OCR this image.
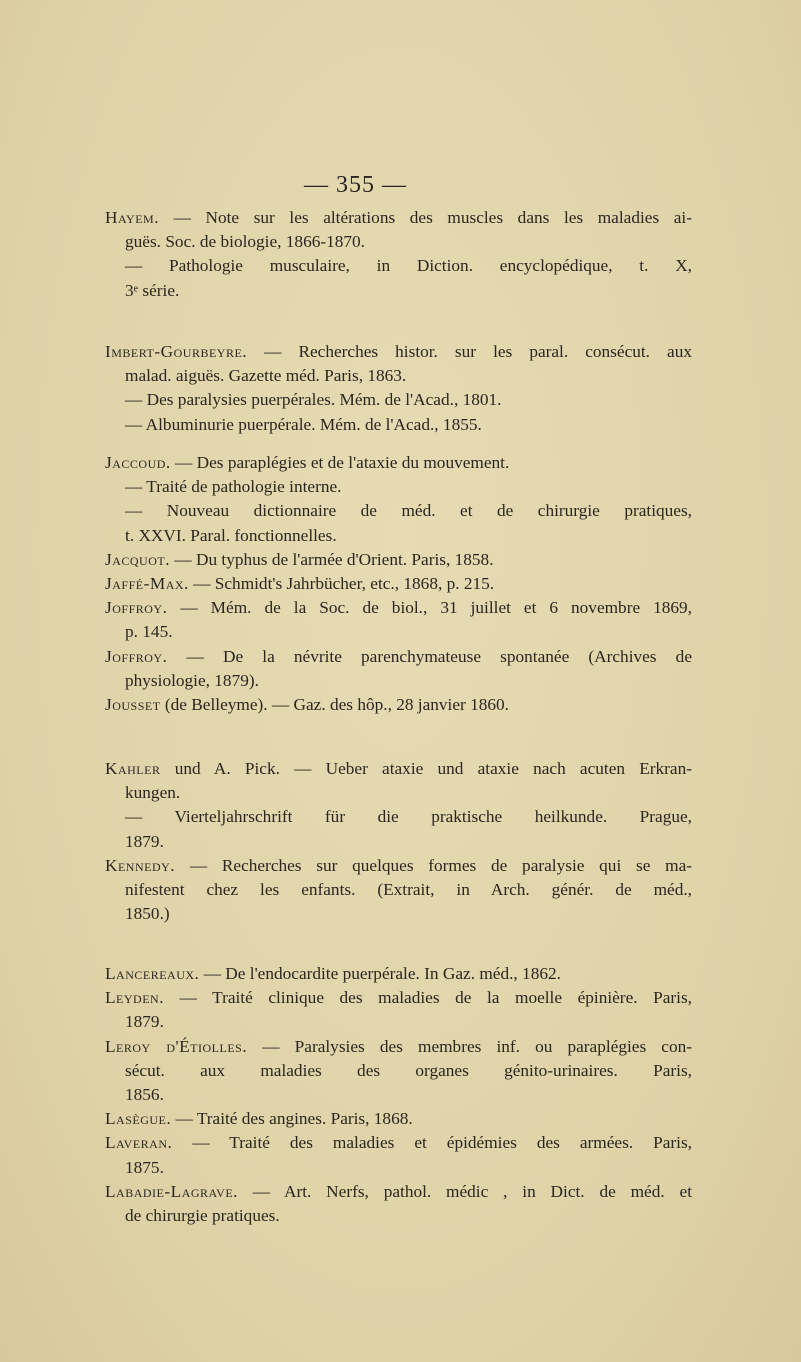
— 355 —
Hayem. — Note sur les altérations des muscles dans les maladies ai-
guës. Soc. de biologie, 1866-1870.
— Pathologie musculaire, in Diction. encyclopédique, t. X,
3ᵉ série.
Imbert-Gourbeyre. — Recherches histor. sur les paral. consécut. aux
malad. aiguës. Gazette méd. Paris, 1863.
— Des paralysies puerpérales. Mém. de l'Acad., 1801.
— Albuminurie puerpérale. Mém. de l'Acad., 1855.
Jaccoud. — Des paraplégies et de l'ataxie du mouvement.
— Traité de pathologie interne.
— Nouveau dictionnaire de méd. et de chirurgie pratiques,
t. XXVI. Paral. fonctionnelles.
Jacquot. — Du typhus de l'armée d'Orient. Paris, 1858.
Jaffé-Max. — Schmidt's Jahrbücher, etc., 1868, p. 215.
Joffroy. — Mém. de la Soc. de biol., 31 juillet et 6 novembre 1869,
p. 145.
Joffroy. — De la névrite parenchymateuse spontanée (Archives de
physiologie, 1879).
Jousset (de Belleyme). — Gaz. des hôp., 28 janvier 1860.
Kahler und A. Pick. — Ueber ataxie und ataxie nach acuten Erkran-
kungen.
— Vierteljahrschrift für die praktische heilkunde. Prague,
1879.
Kennedy. — Recherches sur quelques formes de paralysie qui se ma-
nifestent chez les enfants. (Extrait, in Arch. génér. de méd.,
1850.)
Lancereaux. — De l'endocardite puerpérale. In Gaz. méd., 1862.
Leyden. — Traité clinique des maladies de la moelle épinière. Paris,
1879.
Leroy d'Étiolles. — Paralysies des membres inf. ou paraplégies con-
sécut. aux maladies des organes génito-urinaires. Paris,
1856.
Lasègue. — Traité des angines. Paris, 1868.
Laveran. — Traité des maladies et épidémies des armées. Paris,
1875.
Labadie-Lagrave. — Art. Nerfs, pathol. médic , in Dict. de méd. et
de chirurgie pratiques.
